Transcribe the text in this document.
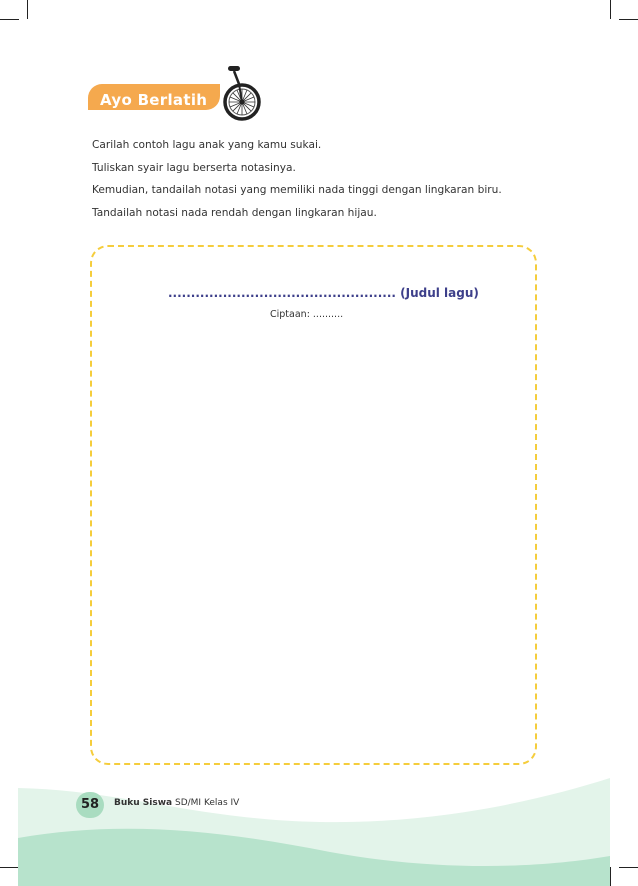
Ayo Berlatih

Carilah contoh lagu anak yang kamu sukai.

Tuliskan syair lagu berserta notasinya.

Kemudian, tandailah notasi yang memiliki nada tinggi dengan lingkaran biru.

Tandailah notasi nada rendah dengan lingkaran hijau.

.................................................. (Judul lagu)
Ciptaan: ..........
58	Buku Siswa SD/MI Kelas IV
